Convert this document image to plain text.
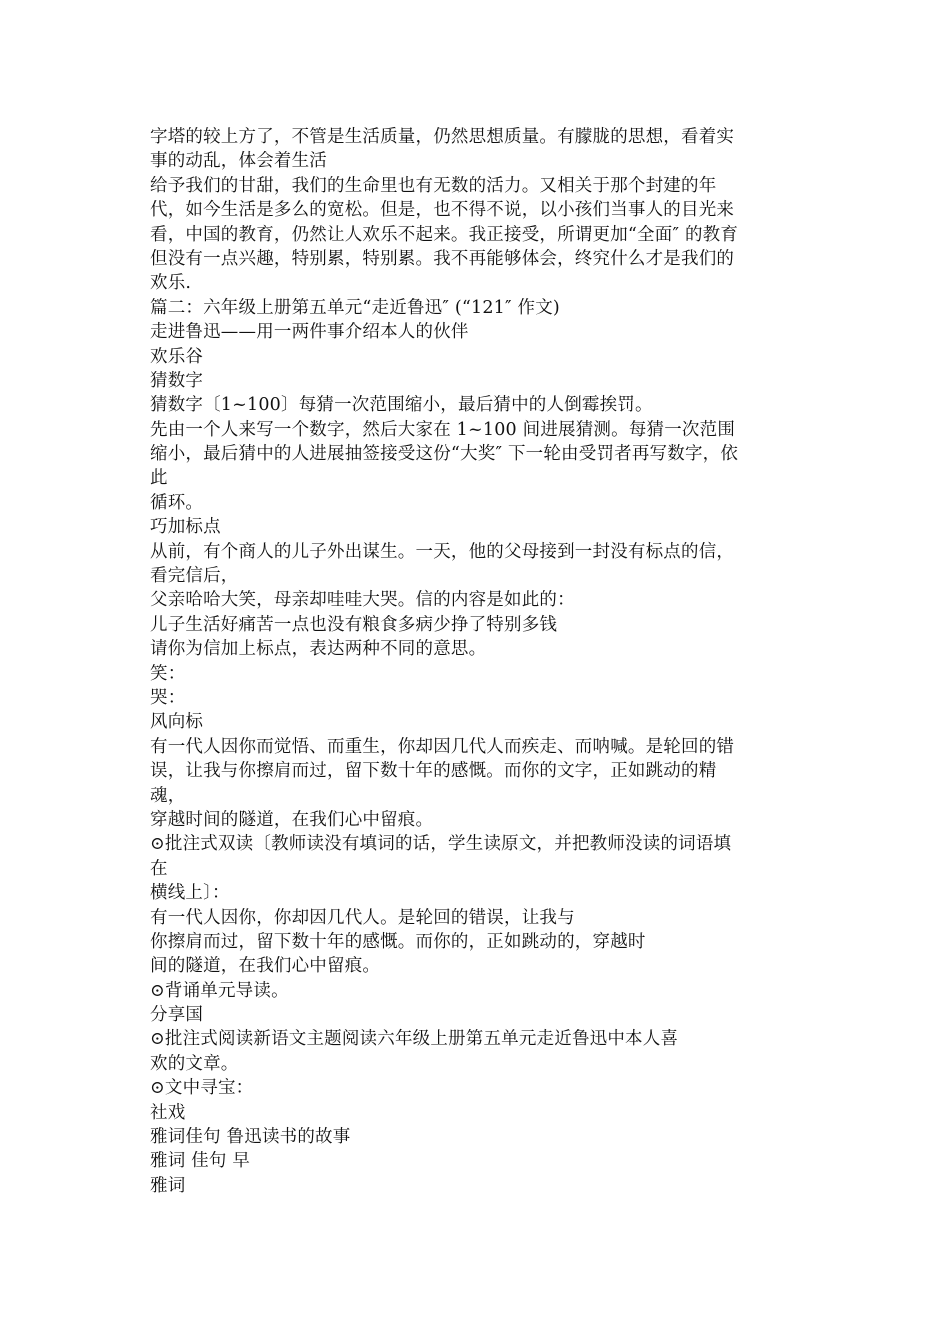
字塔的较上方了，不管是生活质量，仍然思想质量。有朦胧的思想，看着实
事的动乱，体会着生活
给予我们的甘甜，我们的生命里也有无数的活力。又相关于那个封建的年
代，如今生活是多么的宽松。但是，也不得不说，以小孩们当事人的目光来
看，中国的教育，仍然让人欢乐不起来。我正接受，所谓更加“全面″ 的教育
但没有一点兴趣，特别累，特别累。我不再能够体会，终究什么才是我们的
欢乐.
篇二：六年级上册第五单元“走近鲁迅″ (“121″ 作文)
走进鲁迅——用一两件事介绍本人的伙伴
欢乐谷
猜数字
猜数字〔1~100〕每猜一次范围缩小，最后猜中的人倒霉挨罚。
先由一个人来写一个数字，然后大家在 1~100 间进展猜测。每猜一次范围
缩小，最后猜中的人进展抽签接受这份“大奖″ 下一轮由受罚者再写数字，依
此
循环。
巧加标点
从前，有个商人的儿子外出谋生。一天，他的父母接到一封没有标点的信，
看完信后，
父亲哈哈大笑，母亲却哇哇大哭。信的内容是如此的：
儿子生活好痛苦一点也没有粮食多病少挣了特别多钱
请你为信加上标点，表达两种不同的意思。
笑：
哭：
风向标
有一代人因你而觉悟、而重生，你却因几代人而疾走、而呐喊。是轮回的错
误，让我与你擦肩而过，留下数十年的感慨。而你的文字，正如跳动的精
魂，
穿越时间的隧道，在我们心中留痕。
⊙批注式双读〔教师读没有填词的话，学生读原文，并把教师没读的词语填
在
横线上〕：
有一代人因你，你却因几代人。是轮回的错误，让我与
你擦肩而过，留下数十年的感慨。而你的，正如跳动的，穿越时
间的隧道，在我们心中留痕。
⊙背诵单元导读。
分享国
⊙批注式阅读新语文主题阅读六年级上册第五单元走近鲁迅中本人喜
欢的文章。
⊙文中寻宝：
社戏
雅词佳句 鲁迅读书的故事
雅词 佳句 早
雅词
